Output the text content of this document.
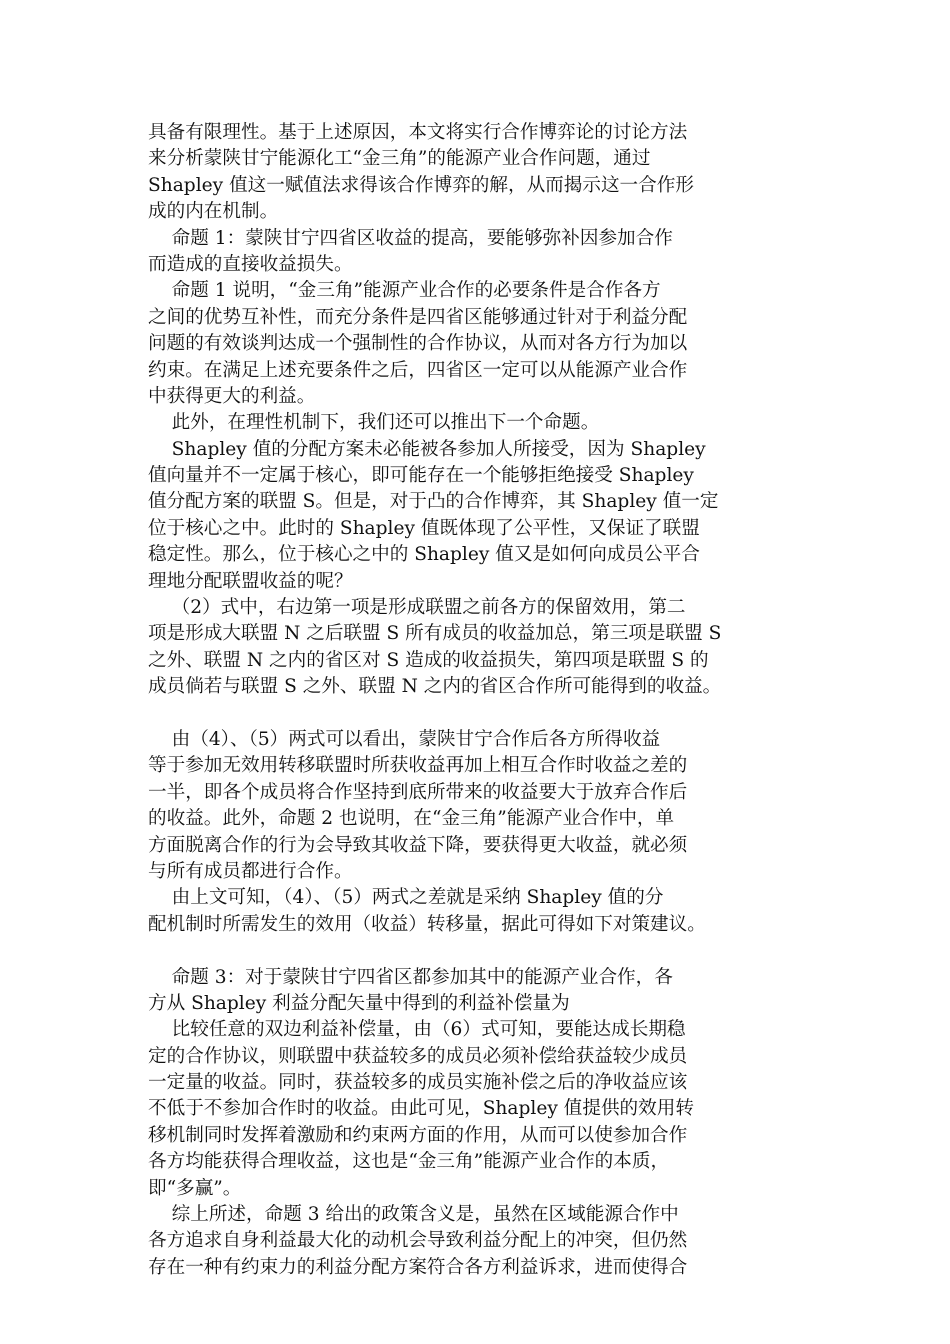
具备有限理性。基于上述原因，本文将实行合作博弈论的讨论方法
来分析蒙陕甘宁能源化工“金三角”的能源产业合作问题，通过
Shapley 值这一赋值法求得该合作博弈的解，从而揭示这一合作形
成的内在机制。
命题 1：蒙陕甘宁四省区收益的提高，要能够弥补因参加合作
而造成的直接收益损失。
命题 1 说明，“金三角”能源产业合作的必要条件是合作各方
之间的优势互补性，而充分条件是四省区能够通过针对于利益分配
问题的有效谈判达成一个强制性的合作协议，从而对各方行为加以
约束。在满足上述充要条件之后，四省区一定可以从能源产业合作
中获得更大的利益。
此外，在理性机制下，我们还可以推出下一个命题。
Shapley 值的分配方案未必能被各参加人所接受，因为 Shapley
值向量并不一定属于核心，即可能存在一个能够拒绝接受 Shapley
值分配方案的联盟 S。但是，对于凸的合作博弈，其 Shapley 值一定
位于核心之中。此时的 Shapley 值既体现了公平性，又保证了联盟
稳定性。那么，位于核心之中的 Shapley 值又是如何向成员公平合
理地分配联盟收益的呢？
（2）式中，右边第一项是形成联盟之前各方的保留效用，第二
项是形成大联盟 N 之后联盟 S 所有成员的收益加总，第三项是联盟 S
之外、联盟 N 之内的省区对 S 造成的收益损失，第四项是联盟 S 的
成员倘若与联盟 S 之外、联盟 N 之内的省区合作所可能得到的收益。
由（4）、（5）两式可以看出，蒙陕甘宁合作后各方所得收益
等于参加无效用转移联盟时所获收益再加上相互合作时收益之差的
一半，即各个成员将合作坚持到底所带来的收益要大于放弃合作后
的收益。此外，命题 2 也说明，在“金三角”能源产业合作中，单
方面脱离合作的行为会导致其收益下降，要获得更大收益，就必须
与所有成员都进行合作。
由上文可知，（4）、（5）两式之差就是采纳 Shapley 值的分
配机制时所需发生的效用（收益）转移量，据此可得如下对策建议。
命题 3：对于蒙陕甘宁四省区都参加其中的能源产业合作，各
方从 Shapley 利益分配矢量中得到的利益补偿量为
比较任意的双边利益补偿量，由（6）式可知，要能达成长期稳
定的合作协议，则联盟中获益较多的成员必须补偿给获益较少成员
一定量的收益。同时，获益较多的成员实施补偿之后的净收益应该
不低于不参加合作时的收益。由此可见，Shapley 值提供的效用转
移机制同时发挥着激励和约束两方面的作用，从而可以使参加合作
各方均能获得合理收益，这也是“金三角”能源产业合作的本质，
即“多赢”。
综上所述，命题 3 给出的政策含义是，虽然在区域能源合作中
各方追求自身利益最大化的动机会导致利益分配上的冲突，但仍然
存在一种有约束力的利益分配方案符合各方利益诉求，进而使得合
